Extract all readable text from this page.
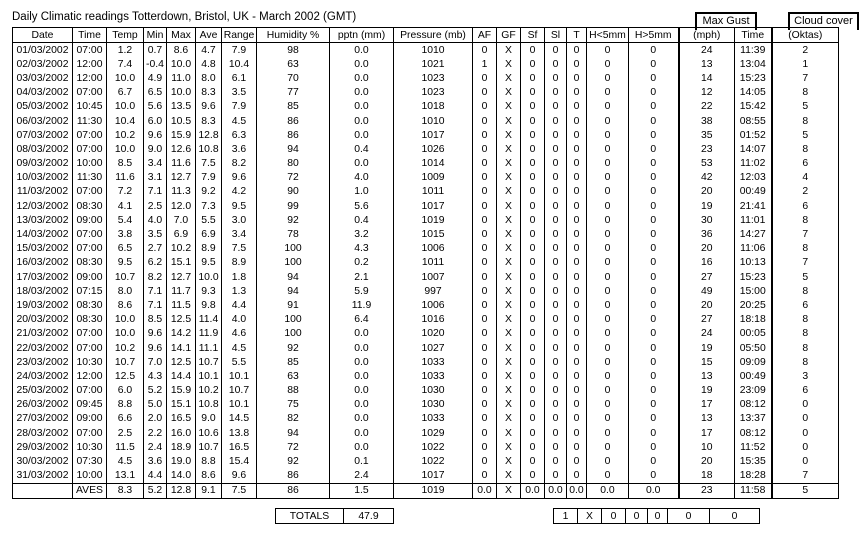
Daily Climatic readings Totterdown, Bristol, UK - March 2002 (GMT)	Max Gust	Cloud cover
Date	Time	Temp	Min	Max	Ave	Range	Humidity %	pptn (mm)	Pressure (mb)	AF	GF	Sf	Sl	T	H<5mm	H>5mm	(mph)	Time	(Oktas)
01/03/2002	07:00	1.2	0.7	8.6	4.7	7.9	98	0.0	1010	0	X	0	0	0	0	0	24	11:39	2
02/03/2002	12:00	7.4	-0.4	10.0	4.8	10.4	63	0.0	1021	1	X	0	0	0	0	0	13	13:04	1
03/03/2002	12:00	10.0	4.9	11.0	8.0	6.1	70	0.0	1023	0	X	0	0	0	0	0	14	15:23	7
04/03/2002	07:00	6.7	6.5	10.0	8.3	3.5	77	0.0	1023	0	X	0	0	0	0	0	12	14:05	8
05/03/2002	10:45	10.0	5.6	13.5	9.6	7.9	85	0.0	1018	0	X	0	0	0	0	0	22	15:42	5
06/03/2002	11:30	10.4	6.0	10.5	8.3	4.5	86	0.0	1010	0	X	0	0	0	0	0	38	08:55	8
07/03/2002	07:00	10.2	9.6	15.9	12.8	6.3	86	0.0	1017	0	X	0	0	0	0	0	35	01:52	5
08/03/2002	07:00	10.0	9.0	12.6	10.8	3.6	94	0.4	1026	0	X	0	0	0	0	0	23	14:07	8
09/03/2002	10:00	8.5	3.4	11.6	7.5	8.2	80	0.0	1014	0	X	0	0	0	0	0	53	11:02	6
10/03/2002	11:30	11.6	3.1	12.7	7.9	9.6	72	4.0	1009	0	X	0	0	0	0	0	42	12:03	4
11/03/2002	07:00	7.2	7.1	11.3	9.2	4.2	90	1.0	1011	0	X	0	0	0	0	0	20	00:49	2
12/03/2002	08:30	4.1	2.5	12.0	7.3	9.5	99	5.6	1017	0	X	0	0	0	0	0	19	21:41	6
13/03/2002	09:00	5.4	4.0	7.0	5.5	3.0	92	0.4	1019	0	X	0	0	0	0	0	30	11:01	8
14/03/2002	07:00	3.8	3.5	6.9	6.9	3.4	78	3.2	1015	0	X	0	0	0	0	0	36	14:27	7
15/03/2002	07:00	6.5	2.7	10.2	8.9	7.5	100	4.3	1006	0	X	0	0	0	0	0	20	11:06	8
16/03/2002	08:30	9.5	6.2	15.1	9.5	8.9	100	0.2	1011	0	X	0	0	0	0	0	16	10:13	7
17/03/2002	09:00	10.7	8.2	12.7	10.0	1.8	94	2.1	1007	0	X	0	0	0	0	0	27	15:23	5
18/03/2002	07:15	8.0	7.1	11.7	9.3	1.3	94	5.9	997	0	X	0	0	0	0	0	49	15:00	8
19/03/2002	08:30	8.6	7.1	11.5	9.8	4.4	91	11.9	1006	0	X	0	0	0	0	0	20	20:25	6
20/03/2002	08:30	10.0	8.5	12.5	11.4	4.0	100	6.4	1016	0	X	0	0	0	0	0	27	18:18	8
21/03/2002	07:00	10.0	9.6	14.2	11.9	4.6	100	0.0	1020	0	X	0	0	0	0	0	24	00:05	8
22/03/2002	07:00	10.2	9.6	14.1	11.1	4.5	92	0.0	1027	0	X	0	0	0	0	0	19	05:50	8
23/03/2002	10:30	10.7	7.0	12.5	10.7	5.5	85	0.0	1033	0	X	0	0	0	0	0	15	09:09	8
24/03/2002	12:00	12.5	4.3	14.4	10.1	10.1	63	0.0	1033	0	X	0	0	0	0	0	13	00:49	3
25/03/2002	07:00	6.0	5.2	15.9	10.2	10.7	88	0.0	1030	0	X	0	0	0	0	0	19	23:09	6
26/03/2002	09:45	8.8	5.0	15.1	10.8	10.1	75	0.0	1030	0	X	0	0	0	0	0	17	08:12	0
27/03/2002	09:00	6.6	2.0	16.5	9.0	14.5	82	0.0	1033	0	X	0	0	0	0	0	13	13:37	0
28/03/2002	07:00	2.5	2.2	16.0	10.6	13.8	94	0.0	1029	0	X	0	0	0	0	0	17	08:12	0
29/03/2002	10:30	11.5	2.4	18.9	10.7	16.5	72	0.0	1022	0	X	0	0	0	0	0	10	11:52	0
30/03/2002	07:30	4.5	3.6	19.0	8.8	15.4	92	0.1	1022	0	X	0	0	0	0	0	20	15:35	0
31/03/2002	10:00	13.1	4.4	14.0	8.6	9.6	86	2.4	1017	0	X	0	0	0	0	0	18	18:28	7
	AVES	8.3	5.2	12.8	9.1	7.5	86	1.5	1019	0.0	X	0.0	0.0	0.0	0.0	0.0	23	11:58	5
TOTALS	47.9			1	X	0	0	0	0	0
